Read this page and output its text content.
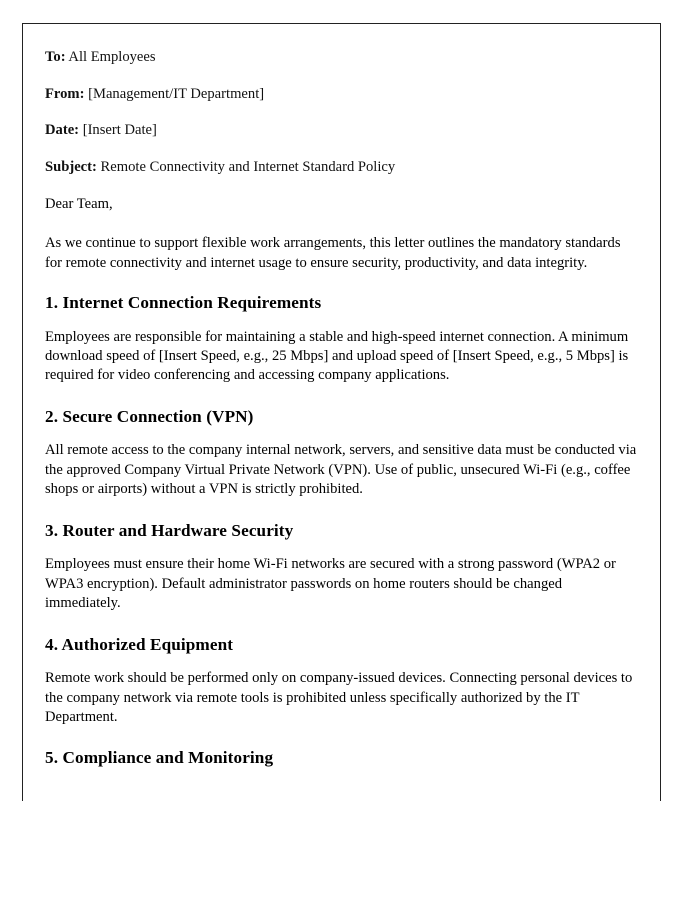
To: All Employees

From: [Management/IT Department]

Date: [Insert Date]

Subject: Remote Connectivity and Internet Standard Policy

Dear Team,

As we continue to support flexible work arrangements, this letter outlines the mandatory standards for remote connectivity and internet usage to ensure security, productivity, and data integrity.

1. Internet Connection Requirements

Employees are responsible for maintaining a stable and high-speed internet connection. A minimum download speed of [Insert Speed, e.g., 25 Mbps] and upload speed of [Insert Speed, e.g., 5 Mbps] is required for video conferencing and accessing company applications.

2. Secure Connection (VPN)

All remote access to the company internal network, servers, and sensitive data must be conducted via the approved Company Virtual Private Network (VPN). Use of public, unsecured Wi-Fi (e.g., coffee shops or airports) without a VPN is strictly prohibited.

3. Router and Hardware Security

Employees must ensure their home Wi-Fi networks are secured with a strong password (WPA2 or WPA3 encryption). Default administrator passwords on home routers should be changed immediately.

4. Authorized Equipment

Remote work should be performed only on company-issued devices. Connecting personal devices to the company network via remote tools is prohibited unless specifically authorized by the IT Department.

5. Compliance and Monitoring
